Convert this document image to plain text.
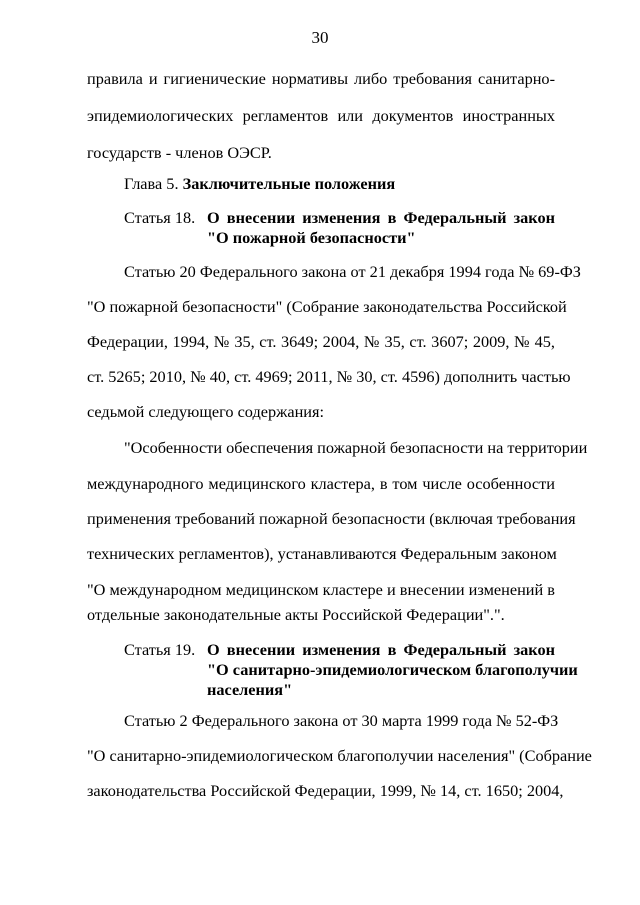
30
правила и гигиенические нормативы либо требования санитарно-
эпидемиологических регламентов или документов иностранных
государств - членов ОЭСР.
Глава 5. Заключительные положения
Статья 18. О внесении изменения в Федеральный закон
"О пожарной безопасности"
Статью 20 Федерального закона от 21 декабря 1994 года № 69-ФЗ
"О пожарной безопасности" (Собрание законодательства Российской
Федерации, 1994, № 35, ст. 3649; 2004, № 35, ст. 3607; 2009, № 45,
ст. 5265; 2010, № 40, ст. 4969; 2011, № 30, ст. 4596) дополнить частью
седьмой следующего содержания:
"Особенности обеспечения пожарной безопасности на территории
международного медицинского кластера, в том числе особенности
применения требований пожарной безопасности (включая требования
технических регламентов), устанавливаются Федеральным законом
"О международном медицинском кластере и внесении изменений в
отдельные законодательные акты Российской Федерации".".
Статья 19. О внесении изменения в Федеральный закон
"О санитарно-эпидемиологическом благополучии
населения"
Статью 2 Федерального закона от 30 марта 1999 года № 52-ФЗ
"О санитарно-эпидемиологическом благополучии населения" (Собрание
законодательства Российской Федерации, 1999, № 14, ст. 1650; 2004,
